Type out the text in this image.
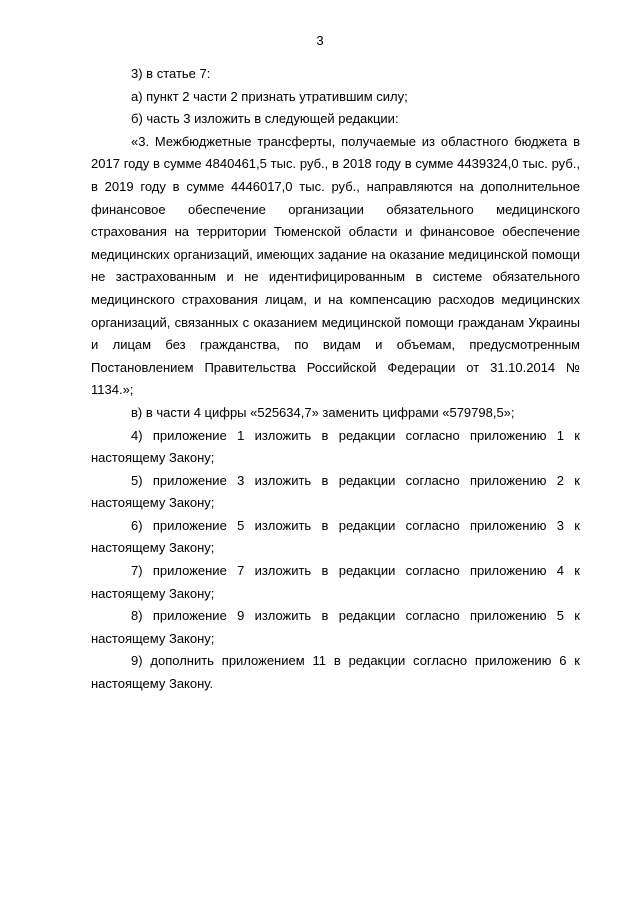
3

3) в статье 7:

а) пункт 2 части 2 признать утратившим силу;

б) часть 3 изложить в следующей редакции:

«3. Межбюджетные трансферты, получаемые из областного бюджета в 2017 году в сумме 4840461,5 тыс. руб., в 2018 году в сумме 4439324,0 тыс. руб., в 2019 году в сумме 4446017,0 тыс. руб., направляются на дополнительное финансовое обеспечение организации обязательного медицинского страхования на территории Тюменской области и финансовое обеспечение медицинских организаций, имеющих задание на оказание медицинской помощи не застрахованным и не идентифицированным в системе обязательного медицинского страхования лицам, и на компенсацию расходов медицинских организаций, связанных с оказанием медицинской помощи гражданам Украины и лицам без гражданства, по видам и объемам, предусмотренным Постановлением Правительства Российской Федерации от 31.10.2014 № 1134.»;

в) в части 4 цифры «525634,7» заменить цифрами «579798,5»;

4) приложение 1 изложить в редакции согласно приложению 1 к настоящему Закону;

5) приложение 3 изложить в редакции согласно приложению 2 к настоящему Закону;

6) приложение 5 изложить в редакции согласно приложению 3 к настоящему Закону;

7) приложение 7 изложить в редакции согласно приложению 4 к настоящему Закону;

8) приложение 9 изложить в редакции согласно приложению 5 к настоящему Закону;

9) дополнить приложением 11 в редакции согласно приложению 6 к настоящему Закону.
